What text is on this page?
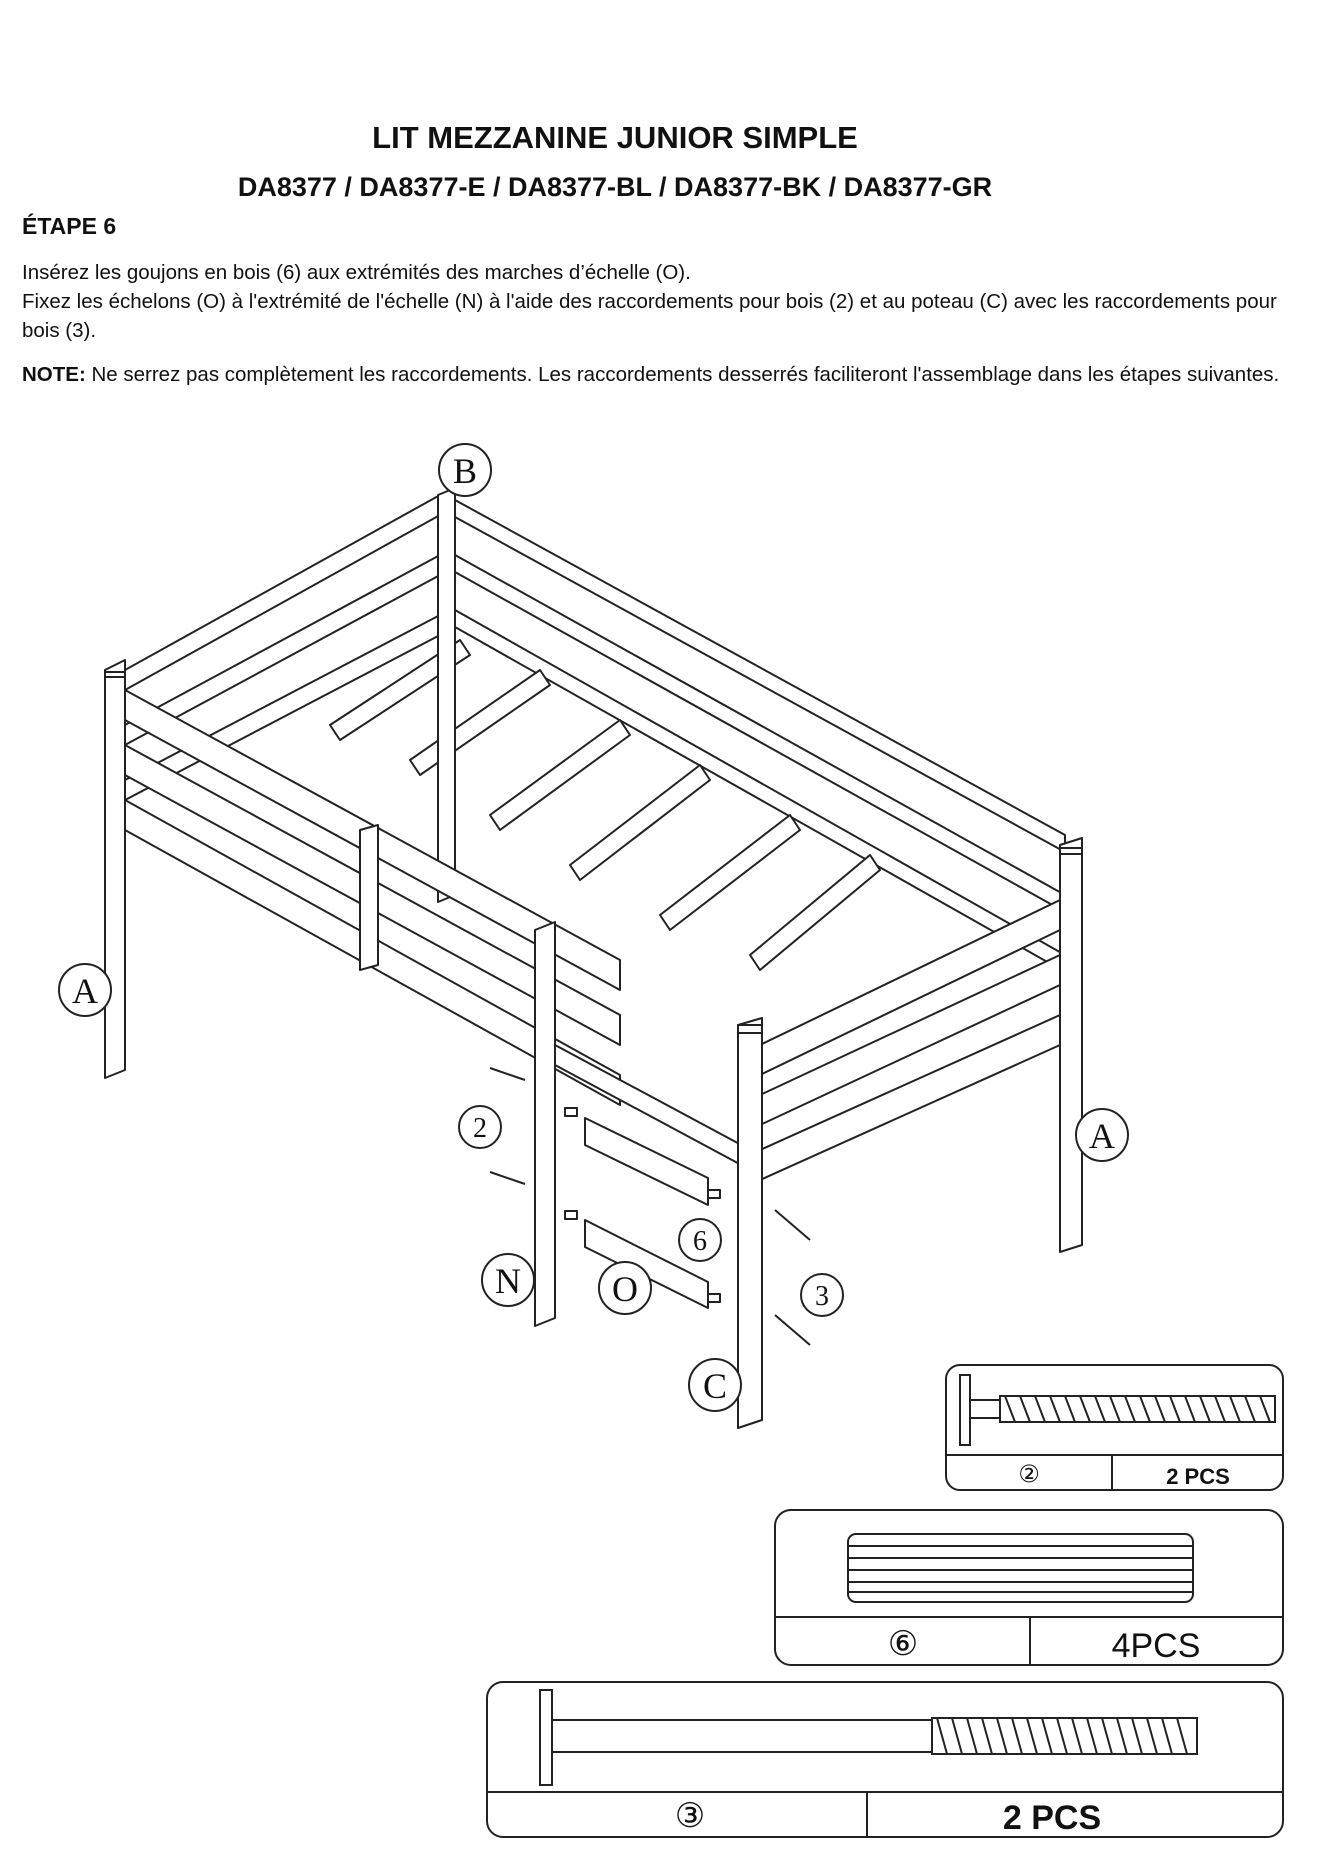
LIT MEZZANINE JUNIOR SIMPLE
DA8377 / DA8377-E / DA8377-BL / DA8377-BK / DA8377-GR
ÉTAPE 6
Insérez les goujons en bois (6) aux extrémités des marches d’échelle (O).
Fixez les échelons (O) à l'extrémité de l'échelle (N) à l'aide des raccordements pour bois (2) et au poteau (C) avec les raccordements pour bois (3).
NOTE: Ne serrez pas complètement les raccordements. Les raccordements desserrés faciliteront l'assemblage dans les étapes suivantes.
B
A
A
C
N	O
2
6
3
②	2 PCS
⑥	4PCS
③	2 PCS
